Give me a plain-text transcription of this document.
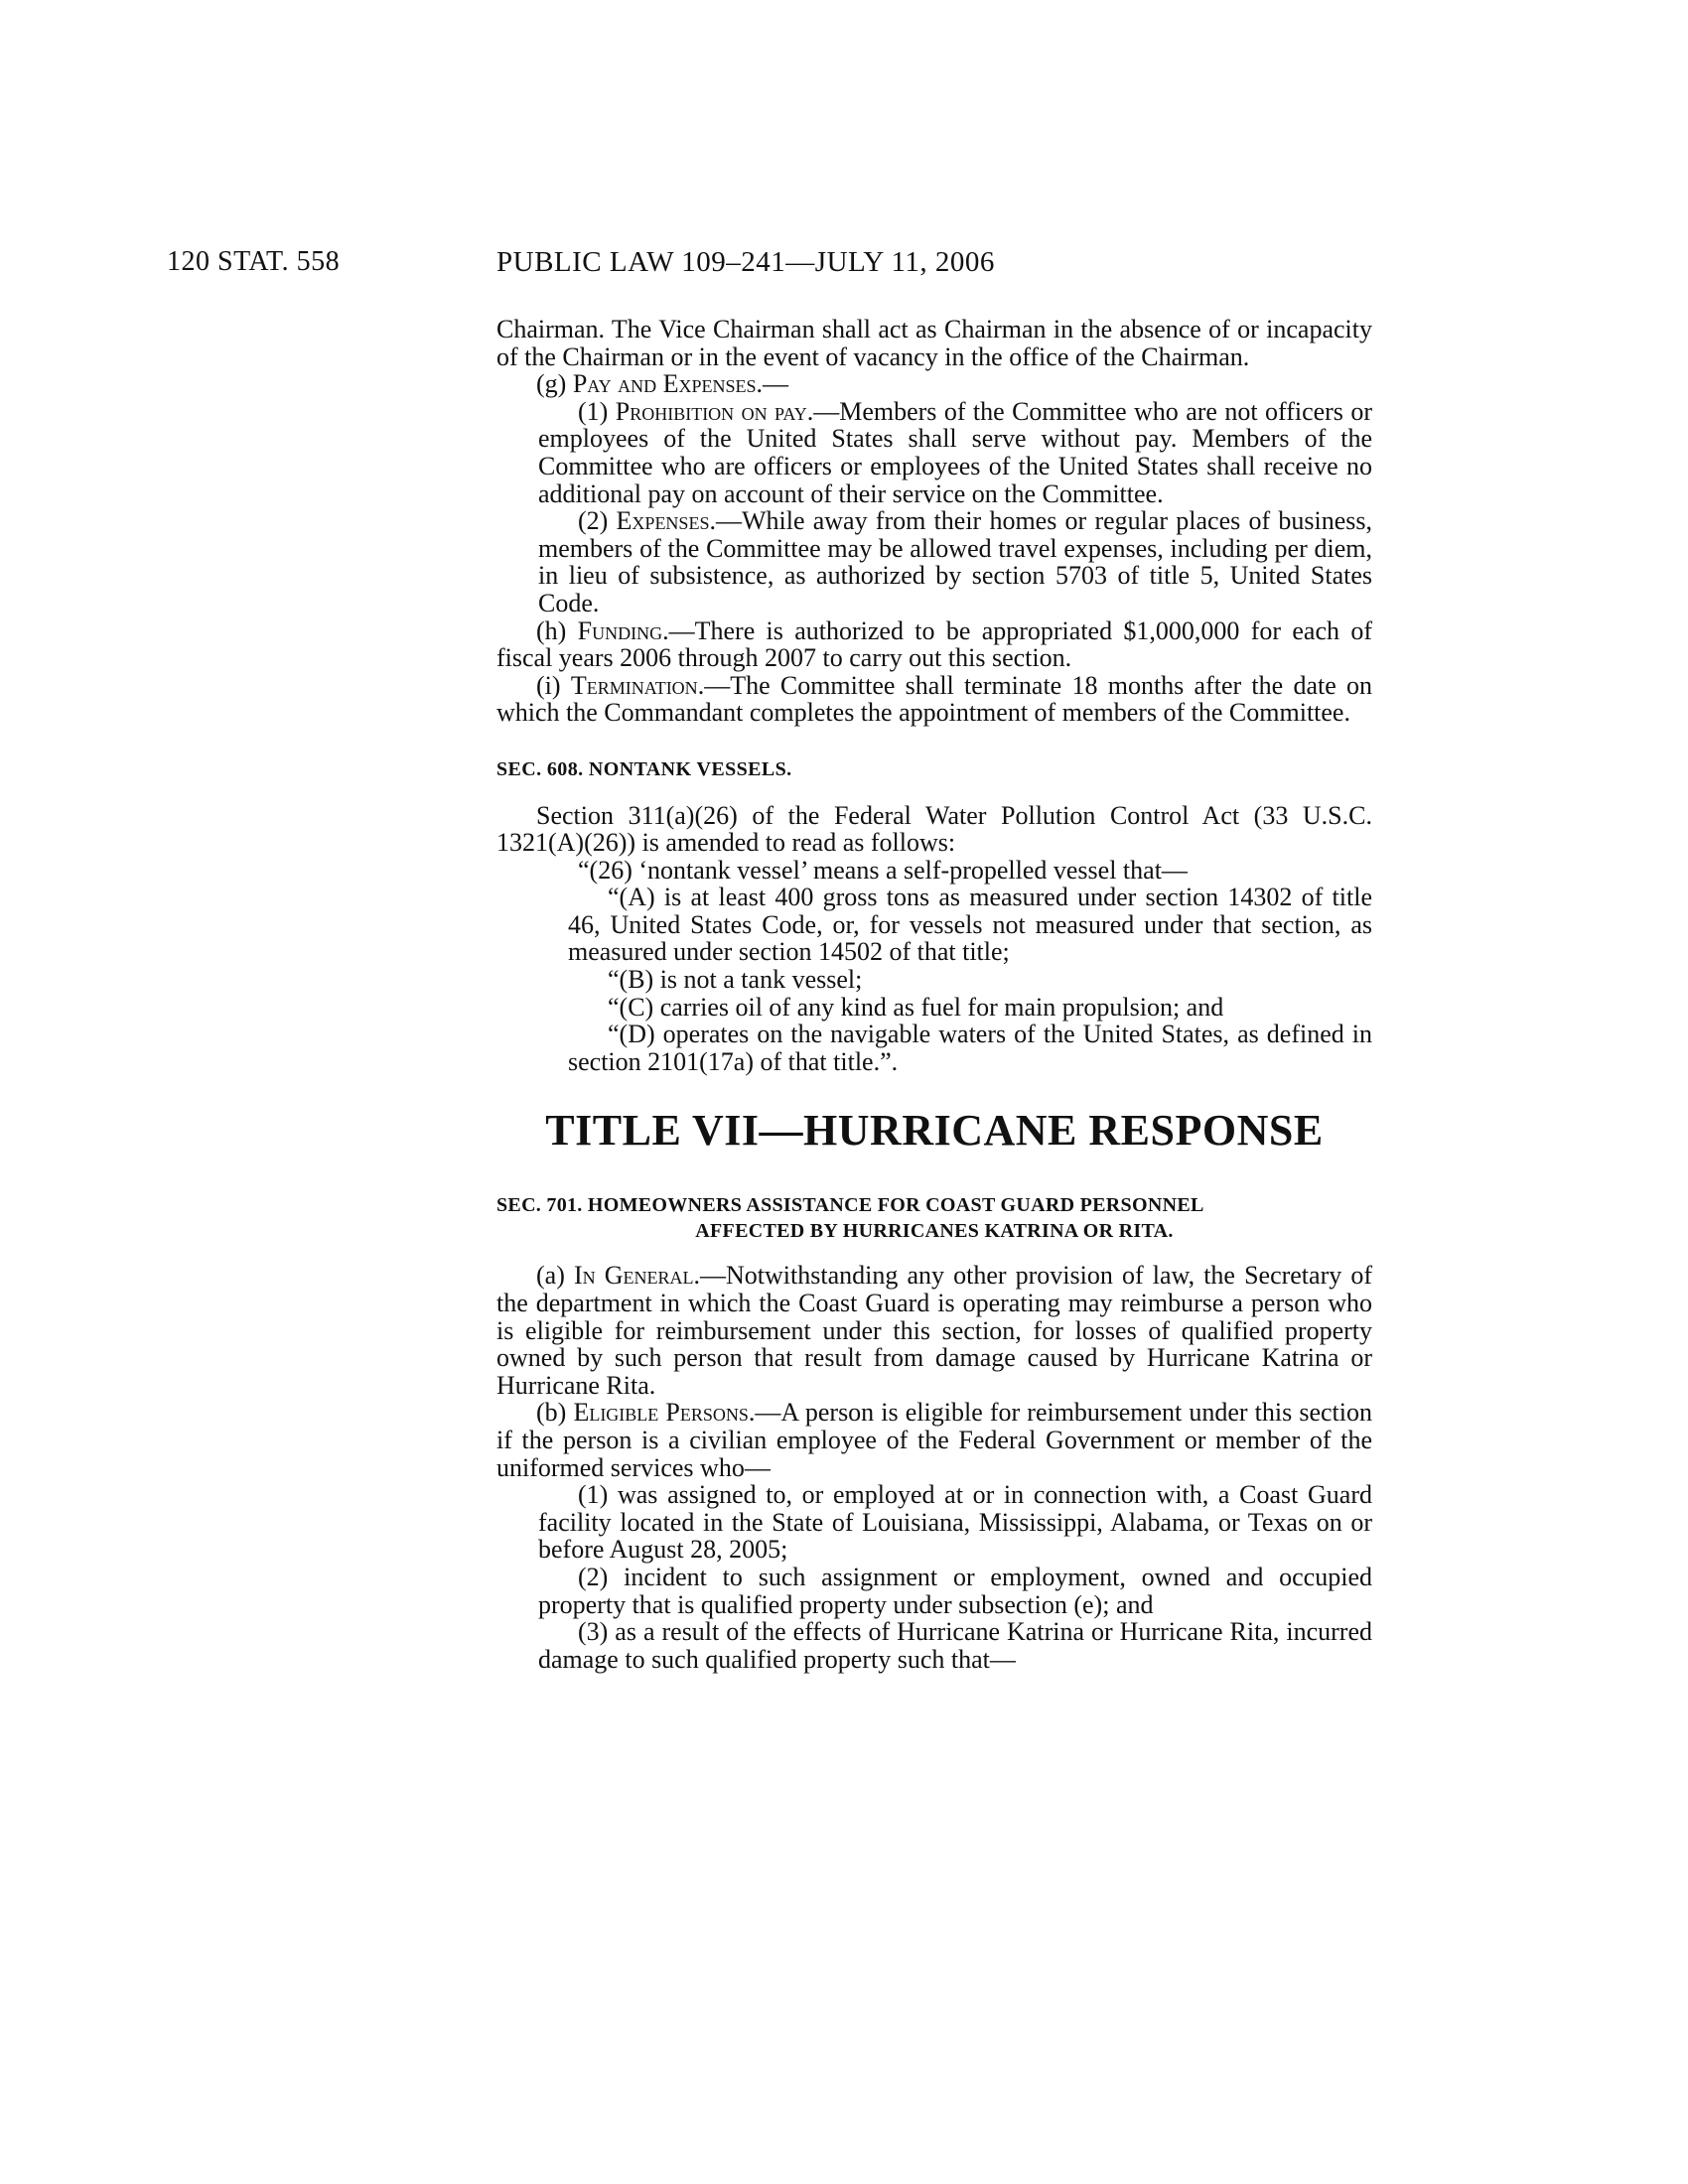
120 STAT. 558	PUBLIC LAW 109–241—JULY 11, 2006

Chairman. The Vice Chairman shall act as Chairman in the absence of or incapacity of the Chairman or in the event of vacancy in the office of the Chairman.

(g) Pay and Expenses.—

(1) Prohibition on pay.—Members of the Committee who are not officers or employees of the United States shall serve without pay. Members of the Committee who are officers or employees of the United States shall receive no additional pay on account of their service on the Committee.

(2) Expenses.—While away from their homes or regular places of business, members of the Committee may be allowed travel expenses, including per diem, in lieu of subsistence, as authorized by section 5703 of title 5, United States Code.

(h) Funding.—There is authorized to be appropriated $1,000,000 for each of fiscal years 2006 through 2007 to carry out this section.

(i) Termination.—The Committee shall terminate 18 months after the date on which the Commandant completes the appointment of members of the Committee.

SEC. 608. NONTANK VESSELS.

Section 311(a)(26) of the Federal Water Pollution Control Act (33 U.S.C. 1321(A)(26)) is amended to read as follows:

“(26) ‘nontank vessel’ means a self-propelled vessel that—

“(A) is at least 400 gross tons as measured under section 14302 of title 46, United States Code, or, for vessels not measured under that section, as measured under section 14502 of that title;

“(B) is not a tank vessel;

“(C) carries oil of any kind as fuel for main propulsion; and

“(D) operates on the navigable waters of the United States, as defined in section 2101(17a) of that title.”.

TITLE VII—HURRICANE RESPONSE
SEC. 701. HOMEOWNERS ASSISTANCE FOR COAST GUARD PERSONNEL
AFFECTED BY HURRICANES KATRINA OR RITA.

(a) In General.—Notwithstanding any other provision of law, the Secretary of the department in which the Coast Guard is operating may reimburse a person who is eligible for reimbursement under this section, for losses of qualified property owned by such person that result from damage caused by Hurricane Katrina or Hurricane Rita.

(b) Eligible Persons.—A person is eligible for reimbursement under this section if the person is a civilian employee of the Federal Government or member of the uniformed services who—

(1) was assigned to, or employed at or in connection with, a Coast Guard facility located in the State of Louisiana, Mississippi, Alabama, or Texas on or before August 28, 2005;

(2) incident to such assignment or employment, owned and occupied property that is qualified property under subsection (e); and

(3) as a result of the effects of Hurricane Katrina or Hurricane Rita, incurred damage to such qualified property such that—
